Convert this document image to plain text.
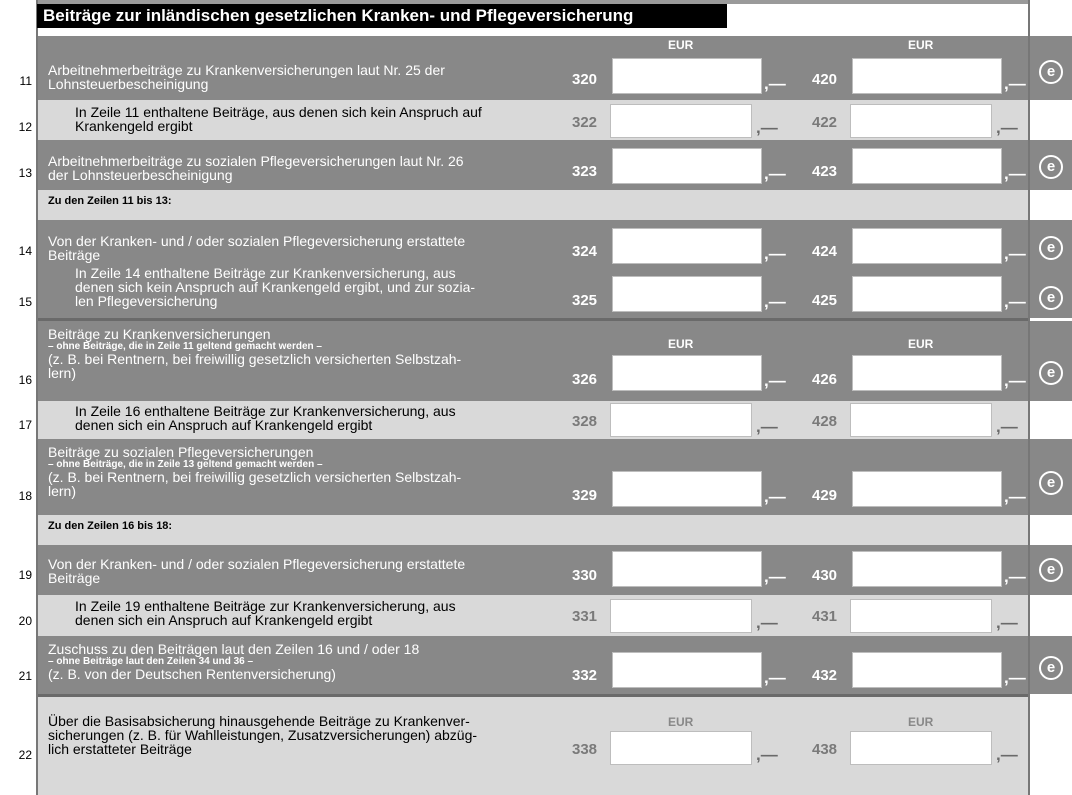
Beiträge zur inländischen gesetzlichen Kranken- und Pflegeversicherung
EUR	EUR
Arbeitnehmerbeiträge zu Krankenversicherungen laut Nr. 25 der
Lohnsteuerbescheinigung	320	,— 420	,—
11
e
In Zeile 11 enthaltene Beiträge, aus denen sich kein Anspruch auf
Krankengeld ergibt	322	,— 422	,—
12
Arbeitnehmerbeiträge zu sozialen Pflegeversicherungen laut Nr. 26
der Lohnsteuerbescheinigung	323	,— 423	,—
13	e
Zu den Zeilen 11 bis 13:
Von der Kranken- und / oder sozialen Pflegeversicherung erstattete
Beiträge	324	,— 424	,—
14	e
In Zeile 14 enthaltene Beiträge zur Krankenversicherung, aus
denen sich kein Anspruch auf Krankengeld ergibt, und zur sozia-
len Pflegeversicherung	325	,— 425	,—
15	e
EUR	EUR
Beiträge zu Krankenversicherungen
– ohne Beiträge, die in Zeile 11 geltend gemacht werden –
(z. B. bei Rentnern, bei freiwillig gesetzlich versicherten Selbstzah-
lern)	326	,— 426	,—
16	e
In Zeile 16 enthaltene Beiträge zur Krankenversicherung, aus
denen sich ein Anspruch auf Krankengeld ergibt	328	,— 428	,—
17
Beiträge zu sozialen Pflegeversicherungen
– ohne Beiträge, die in Zeile 13 geltend gemacht werden –
(z. B. bei Rentnern, bei freiwillig gesetzlich versicherten Selbstzah-
lern)	329	,— 429	,—
18
e
Zu den Zeilen 16 bis 18:
Von der Kranken- und / oder sozialen Pflegeversicherung erstattete
Beiträge	330	,— 430	,—
19	e
In Zeile 19 enthaltene Beiträge zur Krankenversicherung, aus
denen sich ein Anspruch auf Krankengeld ergibt	331	,— 431	,—
20
Zuschuss zu den Beiträgen laut den Zeilen 16 und / oder 18
– ohne Beiträge laut den Zeilen 34 und 36 –
(z. B. von der Deutschen Rentenversicherung)	332	,— 432	,—
21	e
EUR	EUR
Über die Basisabsicherung hinausgehende Beiträge zu Krankenver-
sicherungen (z. B. für Wahlleistungen, Zusatzversicherungen) abzüg-
lich erstatteter Beiträge	338	,— 438	,—
22
